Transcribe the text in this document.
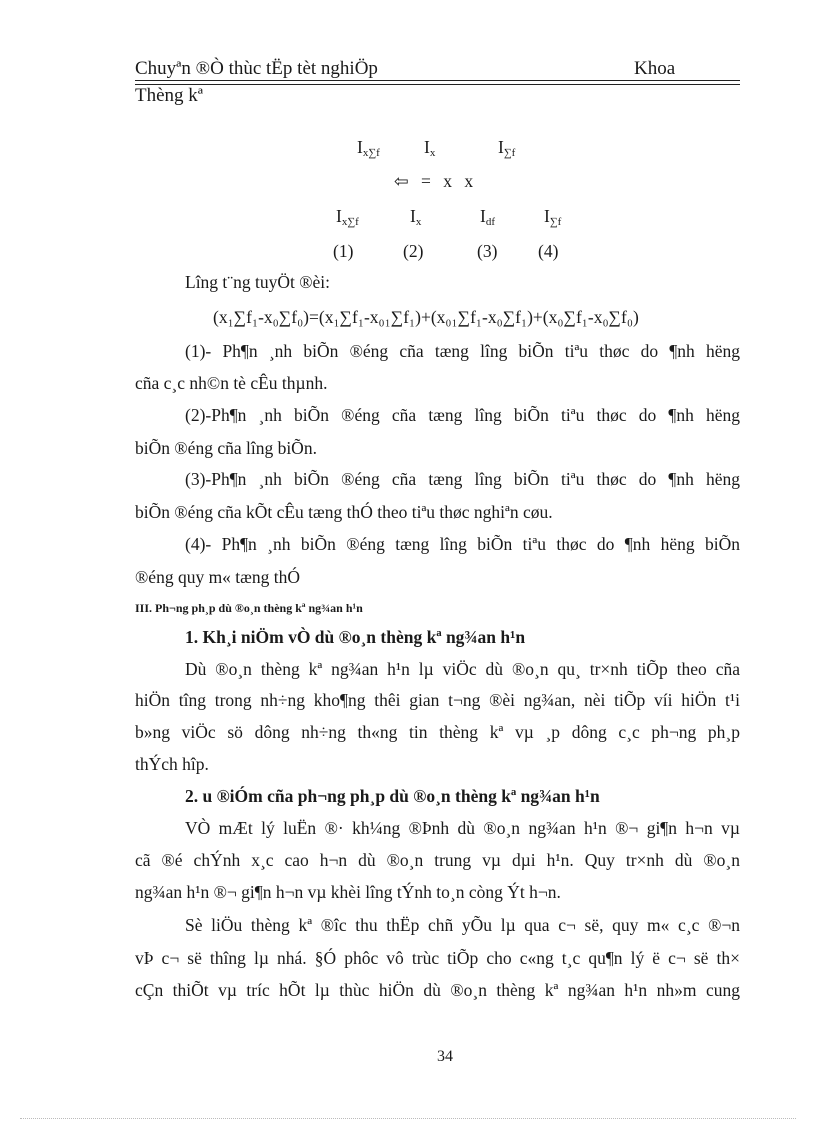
Chuyªn ®Ò thùc tËp tèt nghiÖp	Khoa
Thèng kª
$I_{x\sum f}$	$I_x$	$I_{\sum f}$
⇦ = x x
$I_{x\sum f}$	$I_x$	$I_{df}$	$I_{\sum f}$
(1)	(2)	(3) (4)
Lîng t¨ng tuyÖt ®èi:
(x₁∑f₁-x₀∑f₀)=(x₁∑f₁-x₀₁∑f₁)+(x₀₁∑f₁-x₀∑f₁)+(x₀∑f₁-x₀∑f₀)
(1)- Ph¶n ¸nh biÕn ®éng cña tæng lîng biÕn tiªu thøc do ¶nh hëng
cña c¸c nh©n tè cÊu thµnh.
(2)-Ph¶n ¸nh biÕn ®éng cña tæng lîng biÕn tiªu thøc do ¶nh hëng
biÕn ®éng cña lîng biÕn.
(3)-Ph¶n ¸nh biÕn ®éng cña tæng lîng biÕn tiªu thøc do ¶nh hëng
biÕn ®éng cña kÕt cÊu tæng thÓ theo tiªu thøc nghiªn cøu.
(4)- Ph¶n ¸nh biÕn ®éng tæng lîng biÕn tiªu thøc do ¶nh hëng biÕn
®éng quy m« tæng thÓ
III. Ph¬ng ph¸p dù ®o¸n thèng kª ng¾an h¹n
1. Kh¸i niÖm vÒ dù ®o¸n thèng kª ng¾an h¹n
Dù ®o¸n thèng kª ng¾an h¹n lµ viÖc dù ®o¸n qu¸ tr×nh tiÕp theo cña
hiÖn tîng trong nh÷ng kho¶ng thêi gian t¬ng ®èi ng¾an, nèi tiÕp víi hiÖn t¹i
b»ng viÖc sö dông nh÷ng th«ng tin thèng kª vµ ¸p dông c¸c ph¬ng ph¸p
thÝch hîp.
2. u ®iÓm cña ph¬ng ph¸p dù ®o¸n thèng kª ng¾an h¹n
VÒ mÆt lý luËn ®· kh¼ng ®Þnh dù ®o¸n ng¾an h¹n ®¬ gi¶n h¬n vµ
cã ®é chÝnh x¸c cao h¬n dù ®o¸n trung vµ dµi h¹n. Quy tr×nh dù ®o¸n
ng¾an h¹n ®¬ gi¶n h¬n vµ khèi lîng tÝnh to¸n còng Ýt h¬n.
Sè liÖu thèng kª ®îc thu thËp chñ yÕu lµ qua c¬ së, quy m« c¸c ®¬n
vÞ c¬ së thîng lµ nhá. §Ó phôc vô trùc tiÕp cho c«ng t¸c qu¶n lý ë c¬ së th×
cÇn thiÕt vµ tríc hÕt lµ thùc hiÖn dù ®o¸n thèng kª ng¾an h¹n nh»m cung
34
